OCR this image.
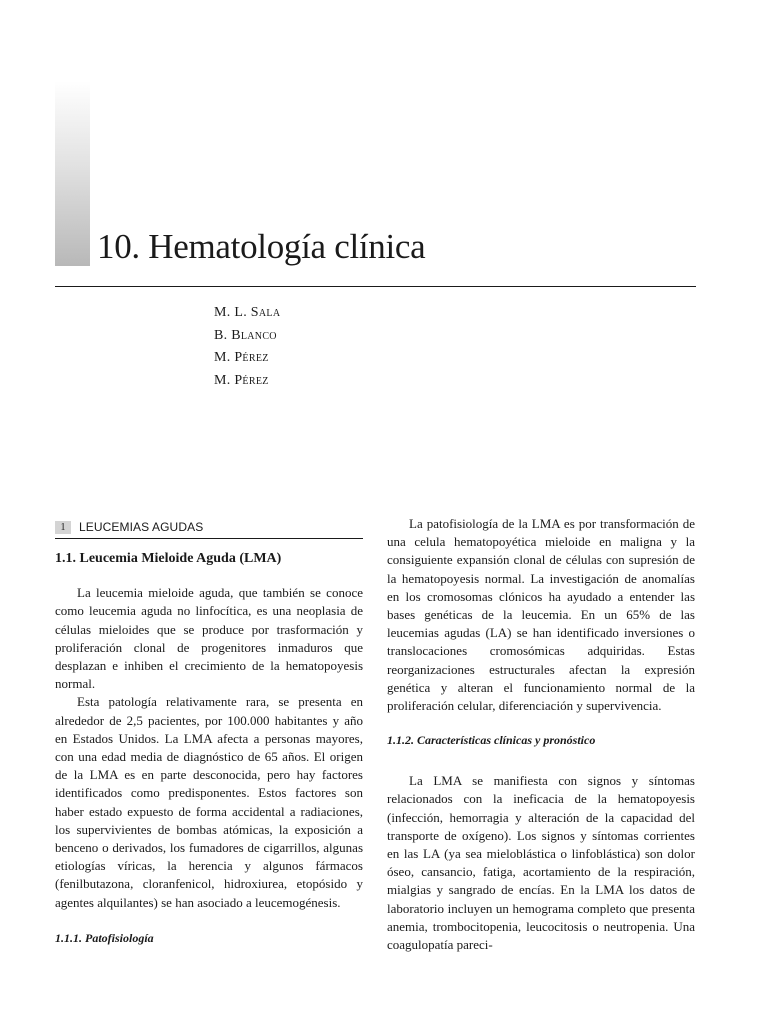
10. Hematología clínica
M. L. Sala
B. Blanco
M. Pérez
M. Pérez
1	LEUCEMIAS AGUDAS
1.1. Leucemia Mieloide Aguda (LMA)

La leucemia mieloide aguda, que también se conoce como leucemia aguda no linfocítica, es una neoplasia de células mieloides que se produce por trasformación y proliferación clonal de progenitores inmaduros que desplazan e inhiben el crecimiento de la hematopoyesis normal.

Esta patología relativamente rara, se presenta en alrededor de 2,5 pacientes, por 100.000 habitantes y año en Estados Unidos. La LMA afecta a personas mayores, con una edad media de diagnóstico de 65 años. El origen de la LMA es en parte desconocida, pero hay factores identificados como predisponentes. Estos factores son haber estado expuesto de forma accidental a radiaciones, los supervivientes de bombas atómicas, la exposición a benceno o derivados, los fumadores de cigarrillos, algunas etiologías víricas, la herencia y algunos fármacos (fenilbutazona, cloranfenicol, hidroxiurea, etopósido y agentes alquilantes) se han asociado a leucemogénesis.

1.1.1. Patofisiología

La patofisiología de la LMA es por transformación de una celula hematopoyética mieloide en maligna y la consiguiente expansión clonal de células con supresión de la hematopoyesis normal. La investigación de anomalías en los cromosomas clónicos ha ayudado a entender las bases genéticas de la leucemia. En un 65% de las leucemias agudas (LA) se han identificado inversiones o translocaciones cromosómicas adquiridas. Estas reorganizaciones estructurales afectan la expresión genética y alteran el funcionamiento normal de la proliferación celular, diferenciación y supervivencia.

1.1.2. Características clínicas y pronóstico

La LMA se manifiesta con signos y síntomas relacionados con la ineficacia de la hematopoyesis (infección, hemorragia y alteración de la capacidad del transporte de oxígeno). Los signos y síntomas corrientes en las LA (ya sea mieloblástica o linfoblástica) son dolor óseo, cansancio, fatiga, acortamiento de la respiración, mialgias y sangrado de encías. En la LMA los datos de laboratorio incluyen un hemograma completo que presenta anemia, trombocitopenia, leucocitosis o neutropenia. Una coagulopatía pareci-
